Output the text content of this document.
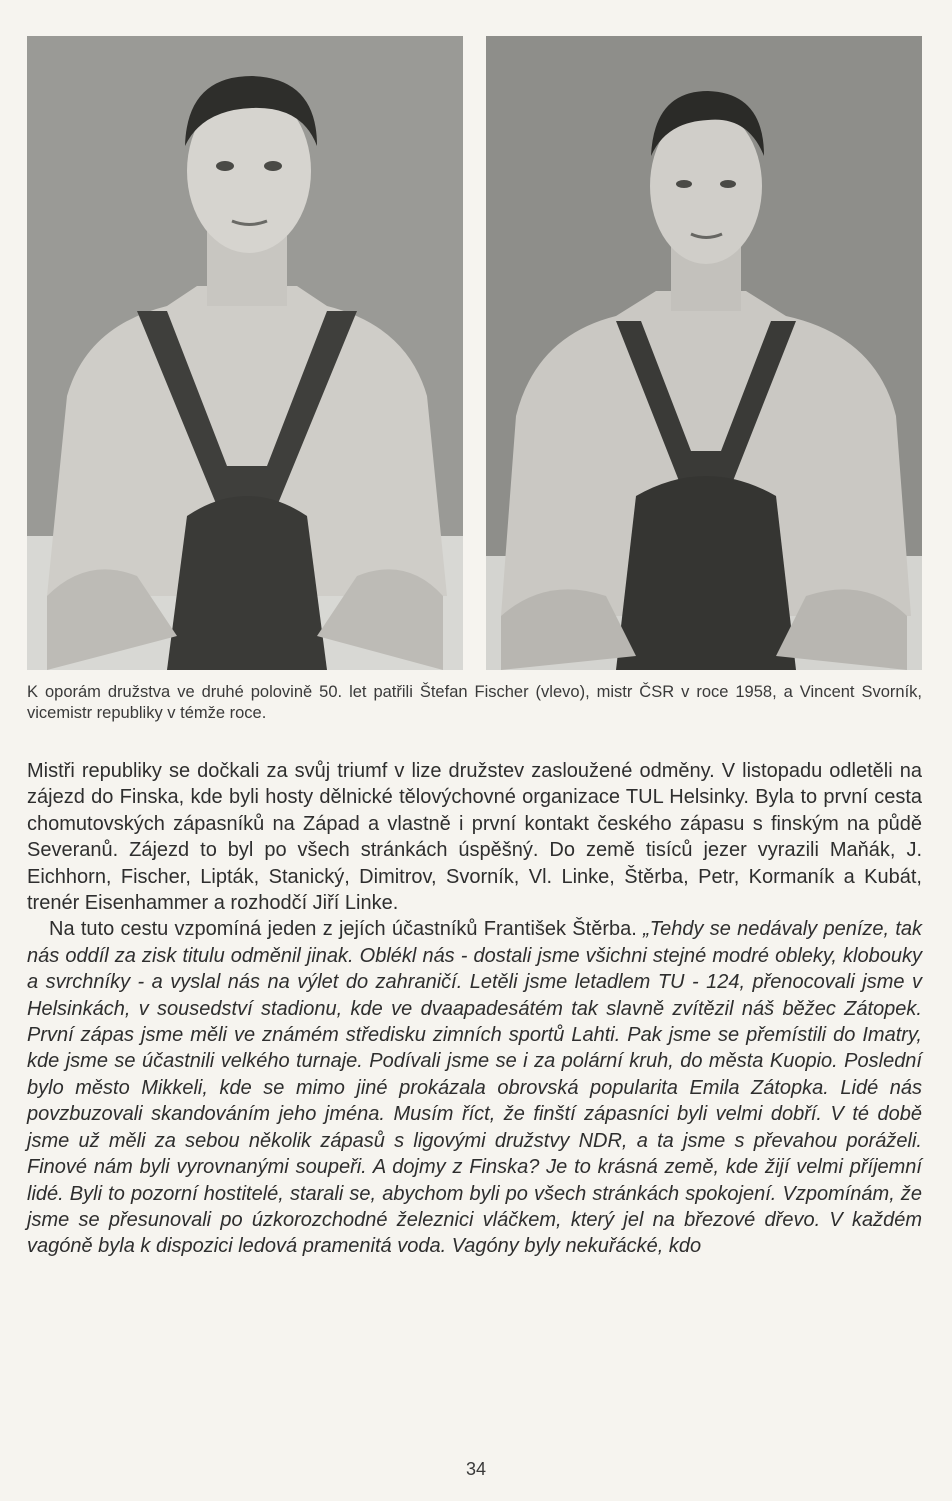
K oporám družstva ve druhé polovině 50. let patřili Štefan Fischer (vlevo), mistr ČSR v roce 1958, a Vincent Svorník, vicemistr republiky v témže roce.

Mistři republiky se dočkali za svůj triumf v lize družstev zasloužené odměny. V listopadu odletěli na zájezd do Finska, kde byli hosty dělnické tělovýchovné organizace TUL Helsinky. Byla to první cesta chomutovských zápasníků na Západ a vlastně i první kontakt českého zápasu s finským na půdě Severanů. Zájezd to byl po všech stránkách úspěšný. Do země tisíců jezer vyrazili Maňák, J. Eichhorn, Fischer, Lipták, Stanický, Dimitrov, Svorník, Vl. Linke, Štěrba, Petr, Kormaník a Kubát, trenér Eisenhammer a rozhodčí Jiří Linke.

Na tuto cestu vzpomíná jeden z jejích účastníků František Štěrba. „Tehdy se nedávaly peníze, tak nás oddíl za zisk titulu odměnil jinak. Oblékl nás - dostali jsme všichni stejné modré obleky, klobouky a svrchníky - a vyslal nás na výlet do zahraničí. Letěli jsme letadlem TU - 124, přenocovali jsme v Helsinkách, v sousedství stadionu, kde ve dvaapadesátém tak slavně zvítězil náš běžec Zátopek. První zápas jsme měli ve známém středisku zimních sportů Lahti. Pak jsme se přemístili do Imatry, kde jsme se účastnili velkého turnaje. Podívali jsme se i za polární kruh, do města Kuopio. Poslední bylo město Mikkeli, kde se mimo jiné prokázala obrovská popularita Emila Zátopka. Lidé nás povzbuzovali skandováním jeho jména. Musím říct, že finští zápasníci byli velmi dobří. V té době jsme už měli za sebou několik zápasů s ligovými družstvy NDR, a ta jsme s převahou poráželi. Finové nám byli vyrovnanými soupeři. A dojmy z Finska? Je to krásná země, kde žijí velmi příjemní lidé. Byli to pozorní hostitelé, starali se, abychom byli po všech stránkách spokojení. Vzpomínám, že jsme se přesunovali po úzkorozchodné železnici vláčkem, který jel na březové dřevo. V každém vagóně byla k dispozici ledová pramenitá voda. Vagóny byly nekuřácké, kdo

34
